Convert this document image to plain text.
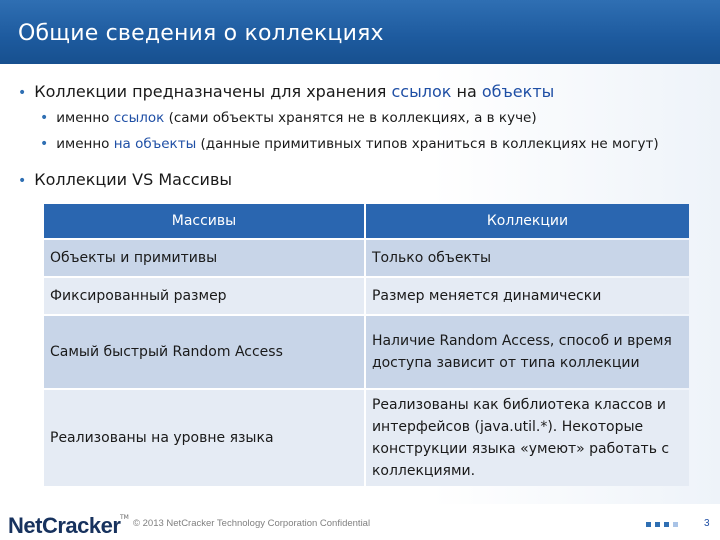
Общие сведения о коллекциях
• Коллекции предназначены для хранения ссылок на объекты
• именно ссылок (сами объекты хранятся не в коллекциях, а в куче)
• именно на объекты (данные примитивных типов храниться в коллекциях не могут)
• Коллекции VS Массивы
Массивы	Коллекции
Объекты и примитивы	Только объекты
Фиксированный размер	Размер меняется динамически
Самый быстрый Random Access	Наличие Random Access, способ и время доступа зависит от типа коллекции
Реализованы на уровне языка	Реализованы как библиотека классов и интерфейсов (java.util.*). Некоторые конструкции языка «умеют» работать с коллекциями.
NetCracker TM
© 2013 NetCracker Technology Corporation Confidential	3
